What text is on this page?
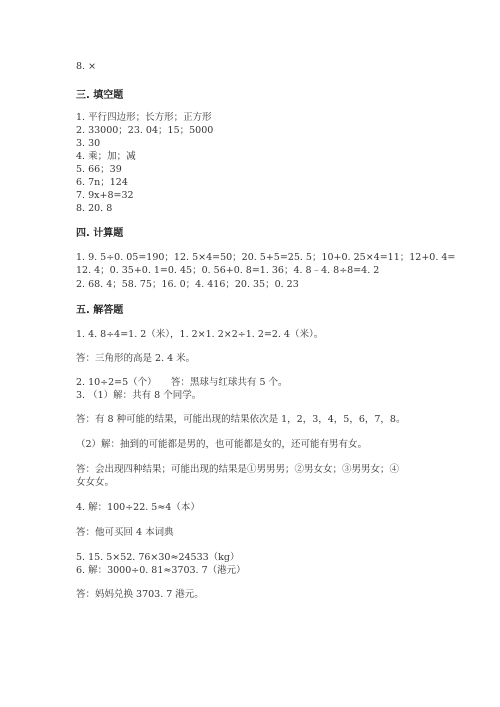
8. ×
三. 填空题
1. 平行四边形；长方形；正方形
2. 33000；23. 04；15；5000
3. 30
4. 乘；加；减
5. 66；39
6. 7n；124
7. 9x+8=32
8. 20. 8
四. 计算题
1. 9. 5÷0. 05=190；12. 5×4=50；20. 5+5=25. 5；10+0. 25×4=11；12+0. 4=
12. 4；0. 35+0. 1=0. 45；0. 56+0. 8=1. 36；4. 8﹣4. 8÷8=4. 2
2. 68. 4；58. 75；16. 0；4. 416；20. 35；0. 23
五. 解答题
1. 4. 8÷4=1. 2（米），1. 2×1. 2×2÷1. 2=2. 4（米）。
答：三角形的高是 2. 4 米。
2. 10÷2=5（个）　　答：黑球与红球共有 5 个。
3. （1）解：共有 8 个同学。
答：有 8 种可能的结果，可能出现的结果依次是 1，2，3，4，5，6，7，8。
（2）解：抽到的可能都是男的，也可能都是女的，还可能有男有女。
答：会出现四种结果；可能出现的结果是①男男男；②男女女；③男男女；④
女女女。
4. 解：100÷22. 5≈4（本）
答：他可买回 4 本词典
5. 15. 5×52. 76×30≈24533（kg）
6. 解：3000÷0. 81≈3703. 7（港元）
答：妈妈兑换 3703. 7 港元。
